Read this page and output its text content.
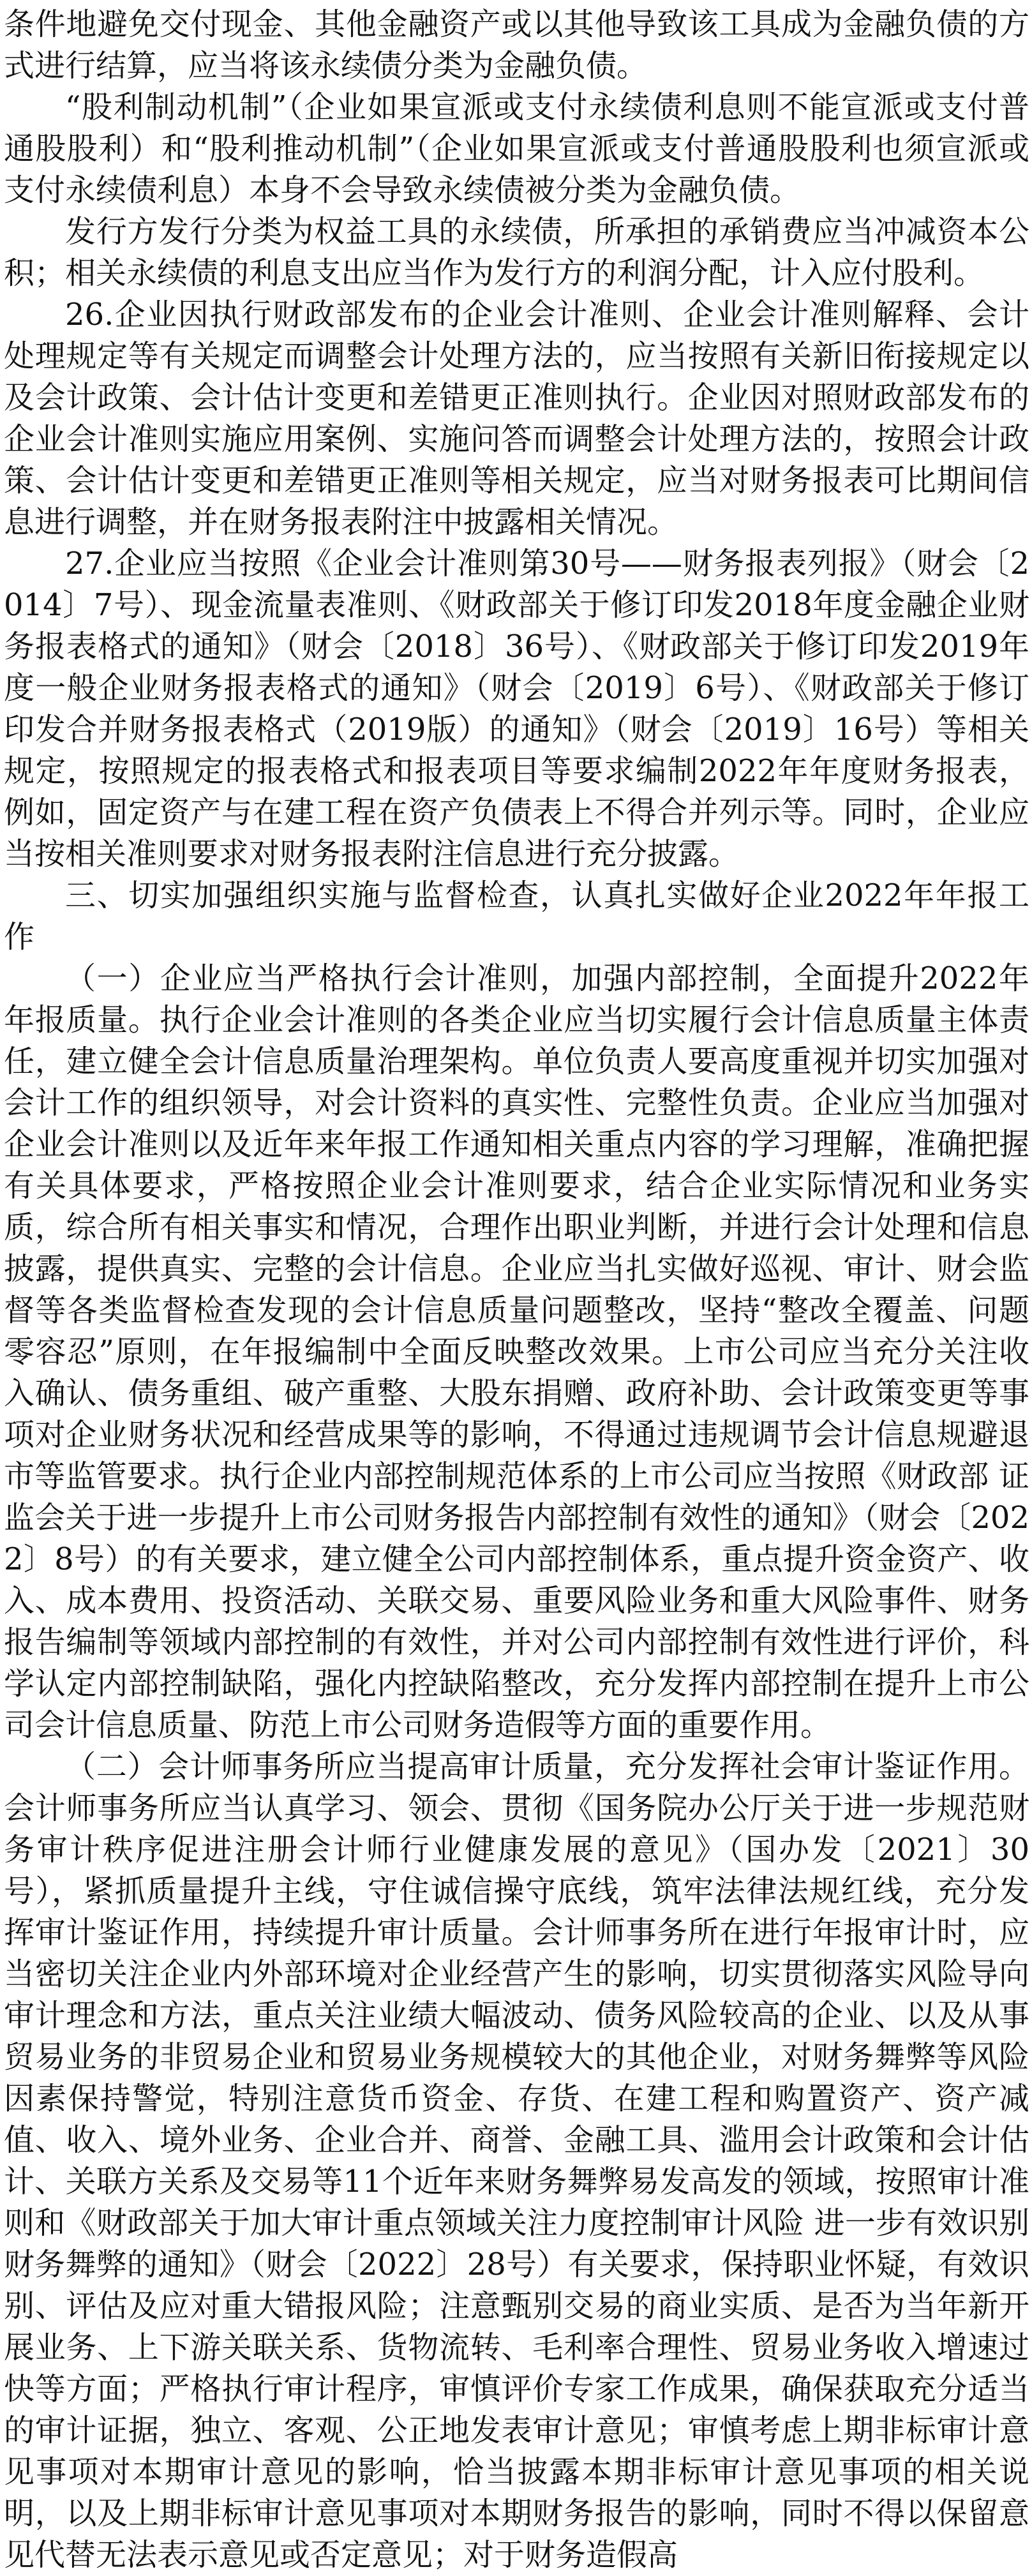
条件地避免交付现金、其他金融资产或以其他导致该工具成为金融负债的方式进行结算，应当将该永续债分类为金融负债。

“股利制动机制”（企业如果宣派或支付永续债利息则不能宣派或支付普通股股利）和“股利推动机制”（企业如果宣派或支付普通股股利也须宣派或支付永续债利息）本身不会导致永续债被分类为金融负债。

发行方发行分类为权益工具的永续债，所承担的承销费应当冲减资本公积；相关永续债的利息支出应当作为发行方的利润分配，计入应付股利。

26.企业因执行财政部发布的企业会计准则、企业会计准则解释、会计处理规定等有关规定而调整会计处理方法的，应当按照有关新旧衔接规定以及会计政策、会计估计变更和差错更正准则执行。企业因对照财政部发布的企业会计准则实施应用案例、实施问答而调整会计处理方法的，按照会计政策、会计估计变更和差错更正准则等相关规定，应当对财务报表可比期间信息进行调整，并在财务报表附注中披露相关情况。

27.企业应当按照《企业会计准则第30号——财务报表列报》（财会〔2014〕7号）、现金流量表准则、《财政部关于修订印发2018年度金融企业财务报表格式的通知》（财会〔2018〕36号）、《财政部关于修订印发2019年度一般企业财务报表格式的通知》（财会〔2019〕6号）、《财政部关于修订印发合并财务报表格式（2019版）的通知》（财会〔2019〕16号）等相关规定，按照规定的报表格式和报表项目等要求编制2022年年度财务报表，例如，固定资产与在建工程在资产负债表上不得合并列示等。同时，企业应当按相关准则要求对财务报表附注信息进行充分披露。

三、切实加强组织实施与监督检查，认真扎实做好企业2022年年报工作

（一）企业应当严格执行会计准则，加强内部控制，全面提升2022年年报质量。执行企业会计准则的各类企业应当切实履行会计信息质量主体责任，建立健全会计信息质量治理架构。单位负责人要高度重视并切实加强对会计工作的组织领导，对会计资料的真实性、完整性负责。企业应当加强对企业会计准则以及近年来年报工作通知相关重点内容的学习理解，准确把握有关具体要求，严格按照企业会计准则要求，结合企业实际情况和业务实质，综合所有相关事实和情况，合理作出职业判断，并进行会计处理和信息披露，提供真实、完整的会计信息。企业应当扎实做好巡视、审计、财会监督等各类监督检查发现的会计信息质量问题整改，坚持“整改全覆盖、问题零容忍”原则，在年报编制中全面反映整改效果。上市公司应当充分关注收入确认、债务重组、破产重整、大股东捐赠、政府补助、会计政策变更等事项对企业财务状况和经营成果等的影响，不得通过违规调节会计信息规避退市等监管要求。执行企业内部控制规范体系的上市公司应当按照《财政部 证监会关于进一步提升上市公司财务报告内部控制有效性的通知》（财会〔2022〕8号）的有关要求，建立健全公司内部控制体系，重点提升资金资产、收入、成本费用、投资活动、关联交易、重要风险业务和重大风险事件、财务报告编制等领域内部控制的有效性，并对公司内部控制有效性进行评价，科学认定内部控制缺陷，强化内控缺陷整改，充分发挥内部控制在提升上市公司会计信息质量、防范上市公司财务造假等方面的重要作用。

（二）会计师事务所应当提高审计质量，充分发挥社会审计鉴证作用。会计师事务所应当认真学习、领会、贯彻《国务院办公厅关于进一步规范财务审计秩序促进注册会计师行业健康发展的意见》（国办发〔2021〕30号），紧抓质量提升主线，守住诚信操守底线，筑牢法律法规红线，充分发挥审计鉴证作用，持续提升审计质量。会计师事务所在进行年报审计时，应当密切关注企业内外部环境对企业经营产生的影响，切实贯彻落实风险导向审计理念和方法，重点关注业绩大幅波动、债务风险较高的企业、以及从事贸易业务的非贸易企业和贸易业务规模较大的其他企业，对财务舞弊等风险因素保持警觉，特别注意货币资金、存货、在建工程和购置资产、资产减值、收入、境外业务、企业合并、商誉、金融工具、滥用会计政策和会计估计、关联方关系及交易等11个近年来财务舞弊易发高发的领域，按照审计准则和《财政部关于加大审计重点领域关注力度控制审计风险 进一步有效识别财务舞弊的通知》（财会〔2022〕28号）有关要求，保持职业怀疑，有效识别、评估及应对重大错报风险；注意甄别交易的商业实质、是否为当年新开展业务、上下游关联关系、货物流转、毛利率合理性、贸易业务收入增速过快等方面；严格执行审计程序，审慎评价专家工作成果，确保获取充分适当的审计证据，独立、客观、公正地发表审计意见；审慎考虑上期非标审计意见事项对本期审计意见的影响，恰当披露本期非标审计意见事项的相关说明，以及上期非标审计意见事项对本期财务报告的影响，同时不得以保留意见代替无法表示意见或否定意见；对于财务造假高
